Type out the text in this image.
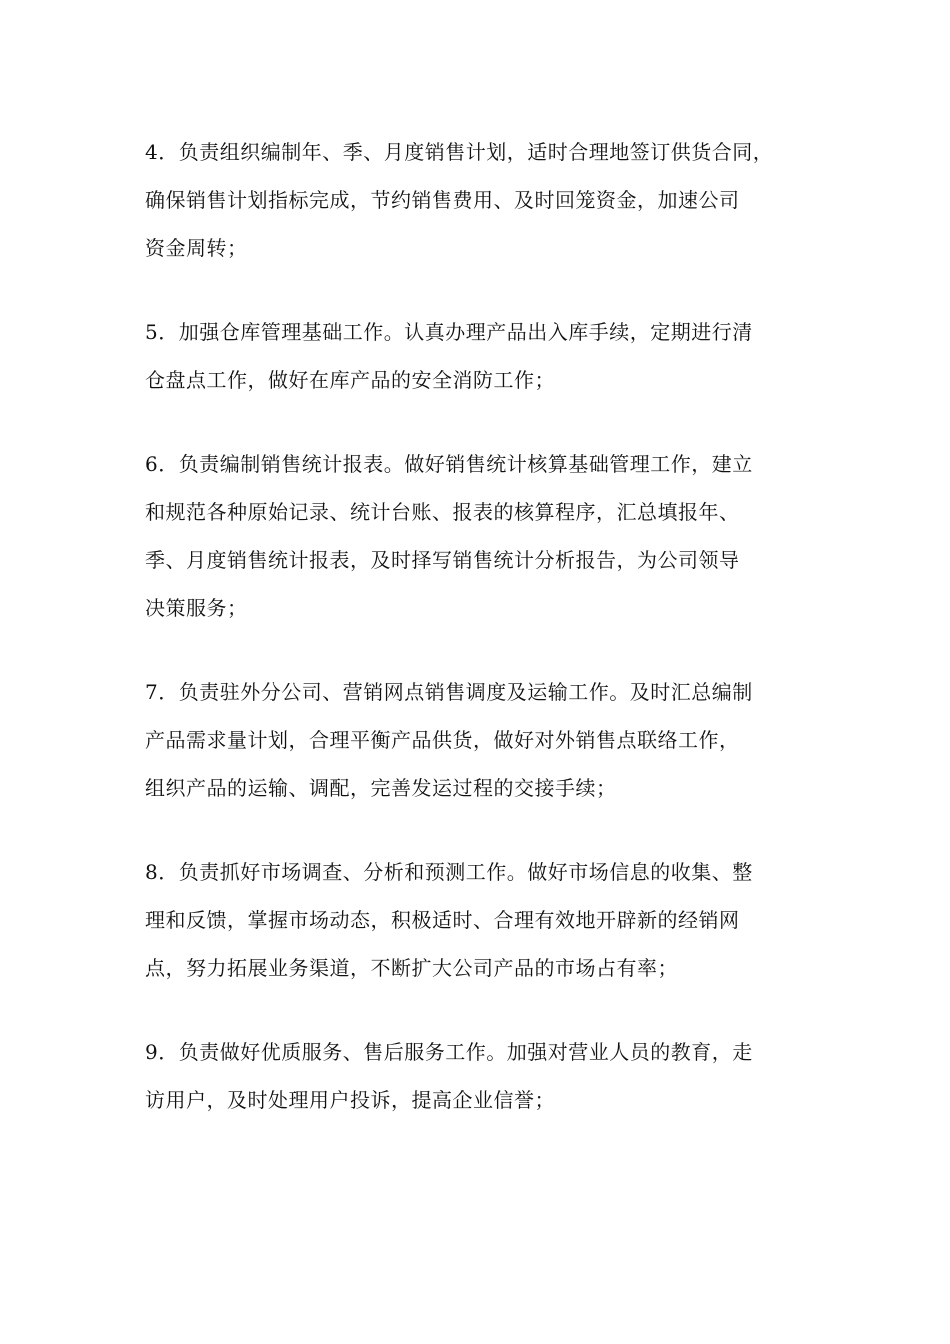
4．负责组织编制年、季、月度销售计划，适时合理地签订供货合同，
确保销售计划指标完成，节约销售费用、及时回笼资金，加速公司
资金周转；
5．加强仓库管理基础工作。认真办理产品出入库手续，定期进行清
仓盘点工作，做好在库产品的安全消防工作；
6．负责编制销售统计报表。做好销售统计核算基础管理工作，建立
和规范各种原始记录、统计台账、报表的核算程序，汇总填报年、
季、月度销售统计报表，及时择写销售统计分析报告，为公司领导
决策服务；
7．负责驻外分公司、营销网点销售调度及运输工作。及时汇总编制
产品需求量计划，合理平衡产品供货，做好对外销售点联络工作，
组织产品的运输、调配，完善发运过程的交接手续；
8．负责抓好市场调查、分析和预测工作。做好市场信息的收集、整
理和反馈，掌握市场动态，积极适时、合理有效地开辟新的经销网
点，努力拓展业务渠道，不断扩大公司产品的市场占有率；
9．负责做好优质服务、售后服务工作。加强对营业人员的教育，走
访用户，及时处理用户投诉，提高企业信誉；
